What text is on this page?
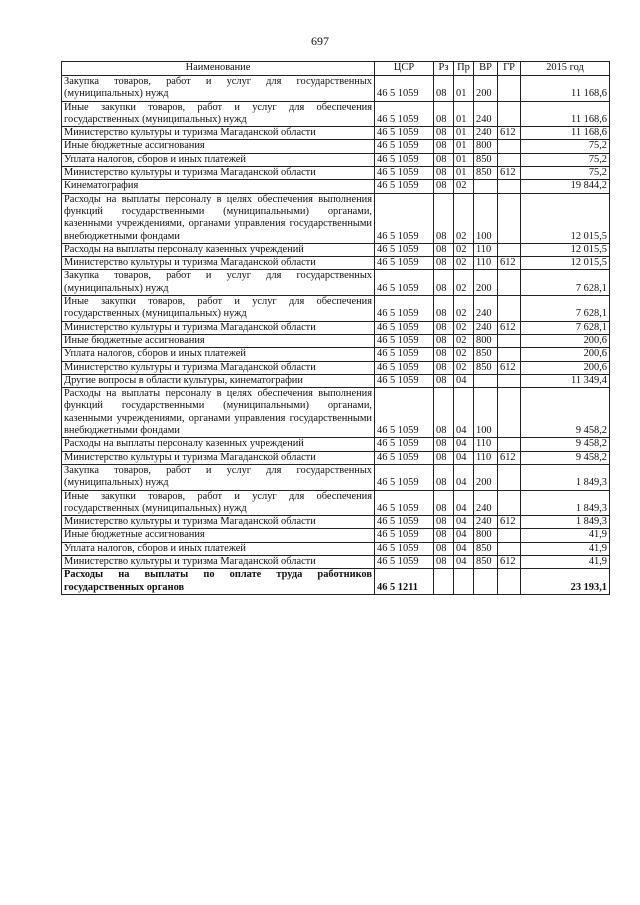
697
Наименование	ЦСР	Рз	Пр	ВР	ГР	2015 год
Закупка товаров, работ и услуг для государственных (муниципальных) нужд	46 5 1059	08	01	200		11 168,6
Иные закупки товаров, работ и услуг для обеспечения государственных (муниципальных) нужд	46 5 1059	08	01	240		11 168,6
Министерство культуры и туризма Магаданской области	46 5 1059	08	01	240	612	11 168,6
Иные бюджетные ассигнования	46 5 1059	08	01	800		75,2
Уплата налогов, сборов и иных платежей	46 5 1059	08	01	850		75,2
Министерство культуры и туризма Магаданской области	46 5 1059	08	01	850	612	75,2
Кинематография	46 5 1059	08	02			19 844,2
Расходы на выплаты персоналу в целях обеспечения выполнения функций государственными (муниципальными) органами, казенными учреждениями, органами управления государственными внебюджетными фондами	46 5 1059	08	02	100		12 015,5
Расходы на выплаты персоналу казенных учреждений	46 5 1059	08	02	110		12 015,5
Министерство культуры и туризма Магаданской области	46 5 1059	08	02	110	612	12 015,5
Закупка товаров, работ и услуг для государственных (муниципальных) нужд	46 5 1059	08	02	200		7 628,1
Иные закупки товаров, работ и услуг для обеспечения государственных (муниципальных) нужд	46 5 1059	08	02	240		7 628,1
Министерство культуры и туризма Магаданской области	46 5 1059	08	02	240	612	7 628,1
Иные бюджетные ассигнования	46 5 1059	08	02	800		200,6
Уплата налогов, сборов и иных платежей	46 5 1059	08	02	850		200,6
Министерство культуры и туризма Магаданской области	46 5 1059	08	02	850	612	200,6
Другие вопросы в области культуры, кинематографии	46 5 1059	08	04			11 349,4
Расходы на выплаты персоналу в целях обеспечения выполнения функций государственными (муниципальными) органами, казенными учреждениями, органами управления государственными внебюджетными фондами	46 5 1059	08	04	100		9 458,2
Расходы на выплаты персоналу казенных учреждений	46 5 1059	08	04	110		9 458,2
Министерство культуры и туризма Магаданской области	46 5 1059	08	04	110	612	9 458,2
Закупка товаров, работ и услуг для государственных (муниципальных) нужд	46 5 1059	08	04	200		1 849,3
Иные закупки товаров, работ и услуг для обеспечения государственных (муниципальных) нужд	46 5 1059	08	04	240		1 849,3
Министерство культуры и туризма Магаданской области	46 5 1059	08	04	240	612	1 849,3
Иные бюджетные ассигнования	46 5 1059	08	04	800		41,9
Уплата налогов, сборов и иных платежей	46 5 1059	08	04	850		41,9
Министерство культуры и туризма Магаданской области	46 5 1059	08	04	850	612	41,9
Расходы на выплаты по оплате труда работников государственных органов	46 5 1211					23 193,1
